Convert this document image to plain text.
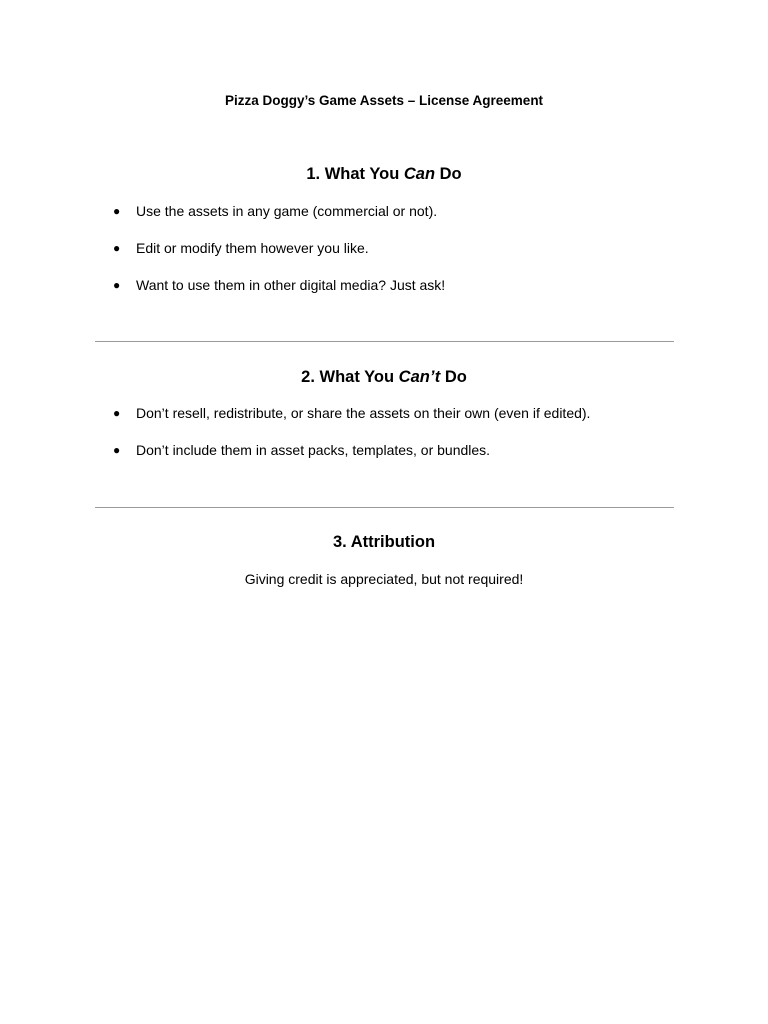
Pizza Doggy’s Game Assets – License Agreement
1. What You Can Do
● Use the assets in any game (commercial or not).
● Edit or modify them however you like.
● Want to use them in other digital media? Just ask!
2. What You Can’t Do
● Don’t resell, redistribute, or share the assets on their own (even if edited).
● Don’t include them in asset packs, templates, or bundles.
3. Attribution
Giving credit is appreciated, but not required!
